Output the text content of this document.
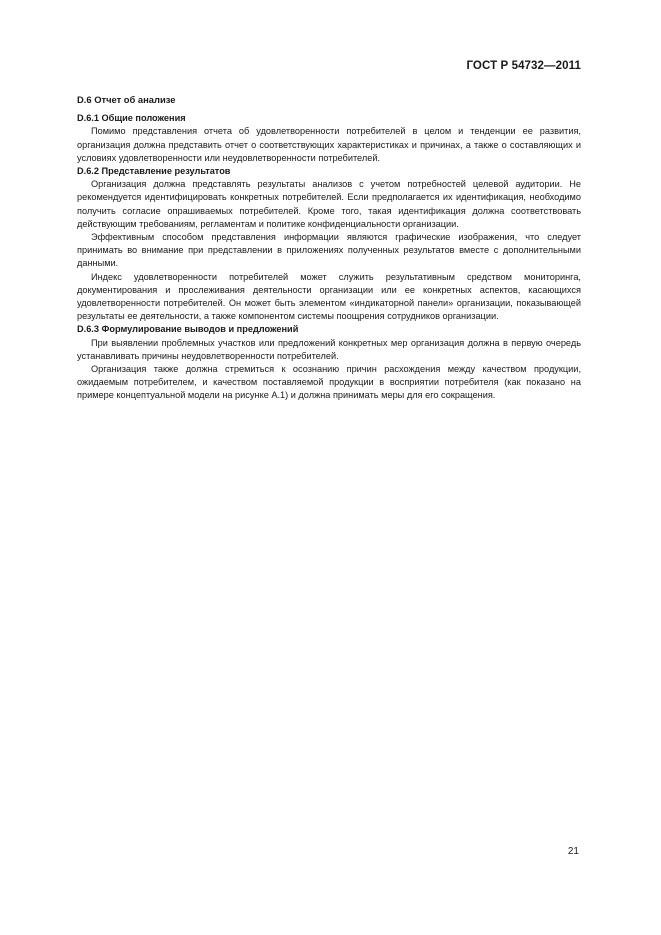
ГОСТ Р 54732—2011

D.6 Отчет об анализе

D.6.1 Общие положения

Помимо представления отчета об удовлетворенности потребителей в целом и тенденции ее развития, организация должна представить отчет о соответствующих характеристиках и причинах, а также о составляющих и условиях удовлетворенности или неудовлетворенности потребителей.

D.6.2 Представление результатов

Организация должна представлять результаты анализов с учетом потребностей целевой аудитории. Не рекомендуется идентифицировать конкретных потребителей. Если предполагается их идентификация, необходимо получить согласие опрашиваемых потребителей. Кроме того, такая идентификация должна соответствовать действующим требованиям, регламентам и политике конфиденциальности организации.

Эффективным способом представления информации являются графические изображения, что следует принимать во внимание при представлении в приложениях полученных результатов вместе с дополнительными данными.

Индекс удовлетворенности потребителей может служить результативным средством мониторинга, документирования и прослеживания деятельности организации или ее конкретных аспектов, касающихся удовлетворенности потребителей. Он может быть элементом «индикаторной панели» организации, показывающей результаты ее деятельности, а также компонентом системы поощрения сотрудников организации.

D.6.3 Формулирование выводов и предложений

При выявлении проблемных участков или предложений конкретных мер организация должна в первую очередь устанавливать причины неудовлетворенности потребителей.

Организация также должна стремиться к осознанию причин расхождения между качеством продукции, ожидаемым потребителем, и качеством поставляемой продукции в восприятии потребителя (как показано на примере концептуальной модели на рисунке А.1) и должна принимать меры для его сокращения.

21
